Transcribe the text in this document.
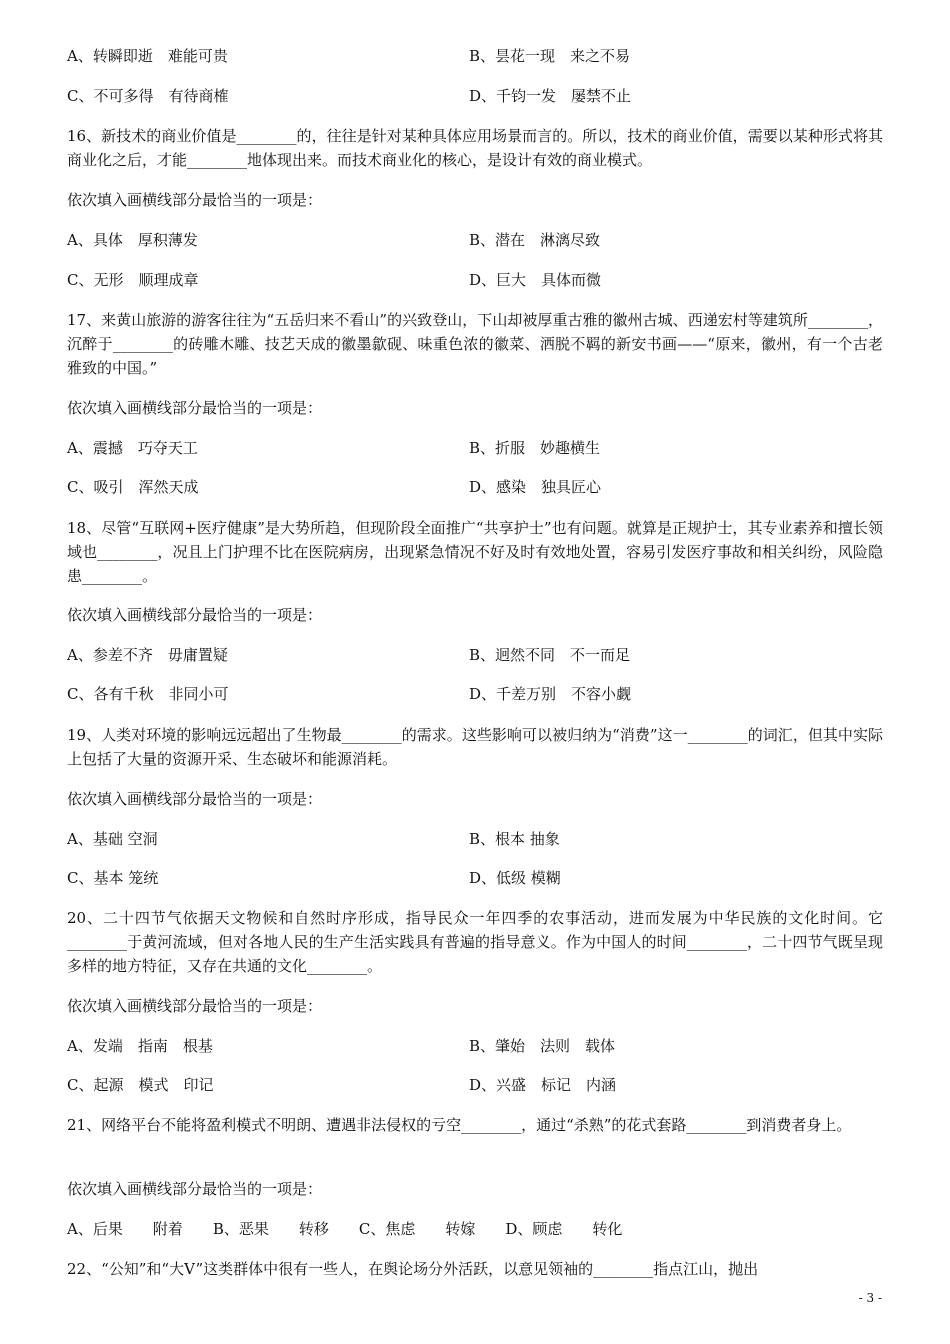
A、转瞬即逝　难能可贵	B、昙花一现　来之不易
C、不可多得　有待商榷	D、千钧一发　屡禁不止
16、新技术的商业价值是________的，往往是针对某种具体应用场景而言的。所以，技术的商业价值，需要以某种形式将其商业化之后，才能________地体现出来。而技术商业化的核心，是设计有效的商业模式。
依次填入画横线部分最恰当的一项是：
A、具体　厚积薄发	B、潜在　淋漓尽致
C、无形　顺理成章	D、巨大　具体而微
17、来黄山旅游的游客往往为“五岳归来不看山”的兴致登山，下山却被厚重古雅的徽州古城、西递宏村等建筑所________，沉醉于________的砖雕木雕、技艺天成的徽墨歙砚、味重色浓的徽菜、洒脱不羁的新安书画——“原来，徽州，有一个古老雅致的中国。”
依次填入画横线部分最恰当的一项是：
A、震撼　巧夺天工	B、折服　妙趣横生
C、吸引　浑然天成	D、感染　独具匠心
18、尽管“互联网+医疗健康”是大势所趋，但现阶段全面推广“共享护士”也有问题。就算是正规护士，其专业素养和擅长领域也________，况且上门护理不比在医院病房，出现紧急情况不好及时有效地处置，容易引发医疗事故和相关纠纷，风险隐患________。
依次填入画横线部分最恰当的一项是：
A、参差不齐　毋庸置疑	B、迥然不同　不一而足
C、各有千秋　非同小可	D、千差万别　不容小觑
19、人类对环境的影响远远超出了生物最________的需求。这些影响可以被归纳为“消费”这一________的词汇，但其中实际上包括了大量的资源开采、生态破坏和能源消耗。
依次填入画横线部分最恰当的一项是：
A、基础 空洞	B、根本 抽象
C、基本 笼统	D、低级 模糊
20、二十四节气依据天文物候和自然时序形成，指导民众一年四季的农事活动，进而发展为中华民族的文化时间。它________于黄河流域，但对各地人民的生产生活实践具有普遍的指导意义。作为中国人的时间________，二十四节气既呈现多样的地方特征，又存在共通的文化________。
依次填入画横线部分最恰当的一项是：
A、发端　指南　根基	B、肇始　法则　载体
C、起源　模式　印记	D、兴盛　标记　内涵
21、网络平台不能将盈利模式不明朗、遭遇非法侵权的亏空________，通过“杀熟”的花式套路________到消费者身上。
依次填入画横线部分最恰当的一项是：
A、后果　　附着　　B、恶果　　转移　　C、焦虑　　转嫁　　D、顾虑　　转化
22、“公知”和“大V”这类群体中很有一些人，在舆论场分外活跃，以意见领袖的________指点江山，抛出
- 3 -
